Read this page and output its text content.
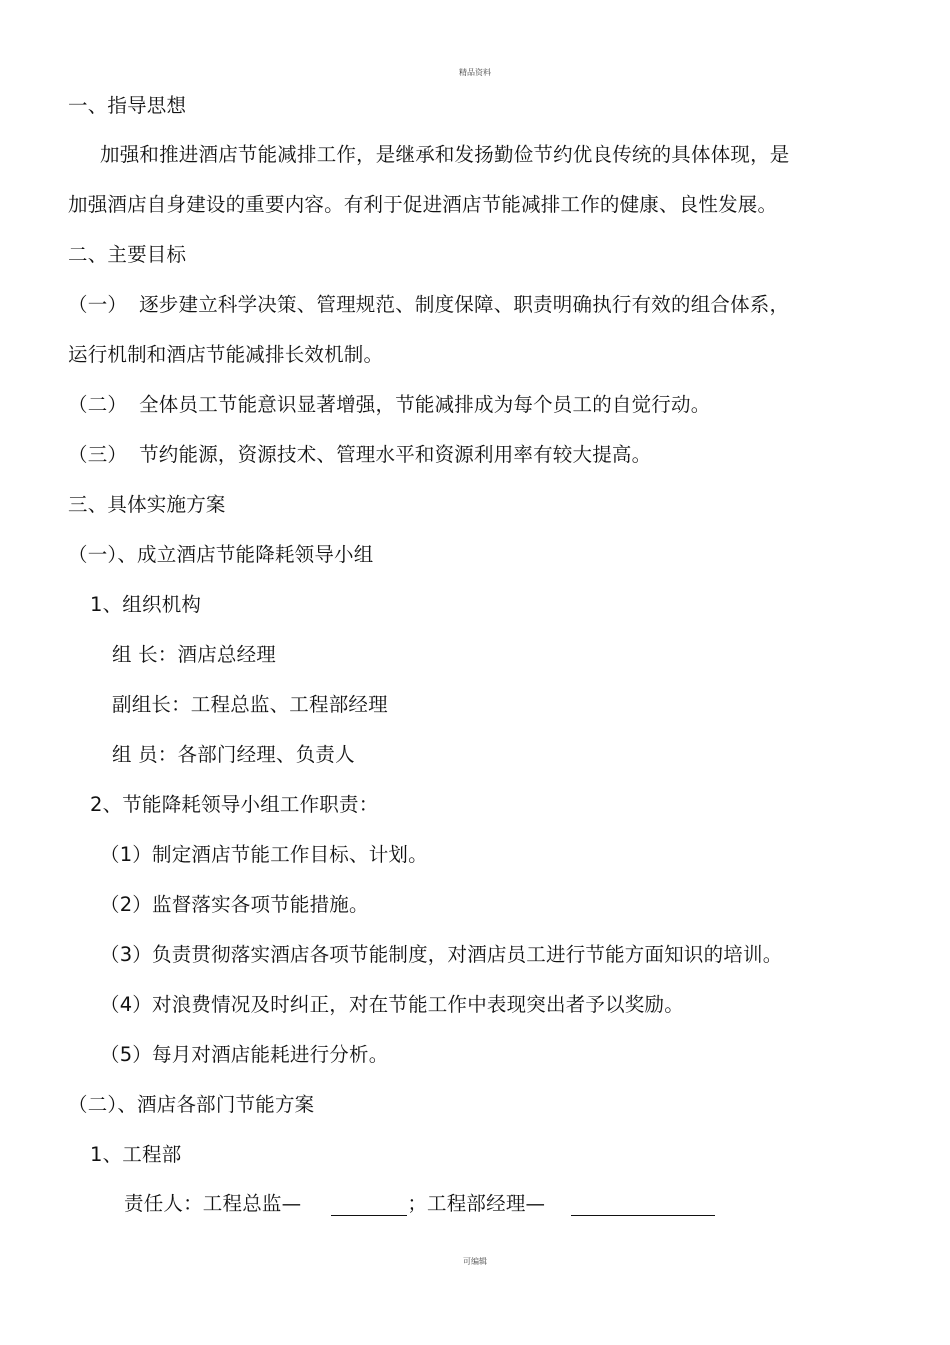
精品资料
一、指导思想
加强和推进酒店节能减排工作，是继承和发扬勤俭节约优良传统的具体体现，是
加强酒店自身建设的重要内容。有利于促进酒店节能减排工作的健康、良性发展。
二、主要目标
（一） 逐步建立科学决策、管理规范、制度保障、职责明确执行有效的组合体系，
运行机制和酒店节能减排长效机制。
（二） 全体员工节能意识显著增强，节能减排成为每个员工的自觉行动。
（三） 节约能源，资源技术、管理水平和资源利用率有较大提高。
三、具体实施方案
（一）、成立酒店节能降耗领导小组
1、组织机构
组 长：酒店总经理
副组长：工程总监、工程部经理
组 员：各部门经理、负责人
2、节能降耗领导小组工作职责：
（1）制定酒店节能工作目标、计划。
（2）监督落实各项节能措施。
（3）负责贯彻落实酒店各项节能制度，对酒店员工进行节能方面知识的培训。
（4）对浪费情况及时纠正，对在节能工作中表现突出者予以奖励。
（5）每月对酒店能耗进行分析。
（二）、酒店各部门节能方案
1、工程部
责任人：工程总监—	；工程部经理—
可编辑
